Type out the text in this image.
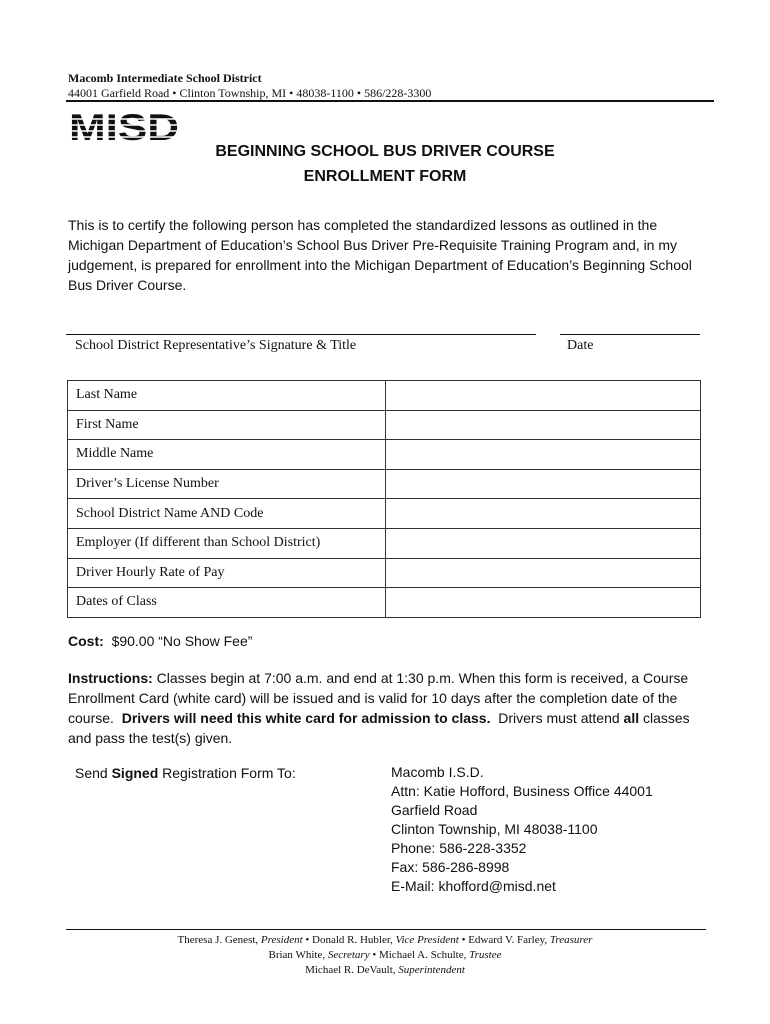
Macomb Intermediate School District
44001 Garfield Road • Clinton Township, MI • 48038-1100 • 586/228-3300
MISD
BEGINNING SCHOOL BUS DRIVER COURSE
ENROLLMENT FORM
This is to certify the following person has completed the standardized lessons as outlined in the Michigan Department of Education’s School Bus Driver Pre-Requisite Training Program and, in my judgement, is prepared for enrollment into the Michigan Department of Education’s Beginning School Bus Driver Course.
School District Representative’s Signature & Title	Date
Last Name	
First Name	
Middle Name	
Driver’s License Number	
School District Name AND Code	
Employer (If different than School District)	
Driver Hourly Rate of Pay	
Dates of Class	
Cost: $90.00 “No Show Fee”
Instructions: Classes begin at 7:00 a.m. and end at 1:30 p.m. When this form is received, a Course Enrollment Card (white card) will be issued and is valid for 10 days after the completion date of the course. Drivers will need this white card for admission to class. Drivers must attend all classes and pass the test(s) given.
Send Signed Registration Form To:	Macomb I.S.D.
Attn: Katie Hofford, Business Office 44001
Garfield Road
Clinton Township, MI 48038-1100
Phone: 586-228-3352
Fax: 586-286-8998
E-Mail: khofford@misd.net
Theresa J. Genest, President • Donald R. Hubler, Vice President • Edward V. Farley, Treasurer
Brian White, Secretary • Michael A. Schulte, Trustee
Michael R. DeVault, Superintendent
